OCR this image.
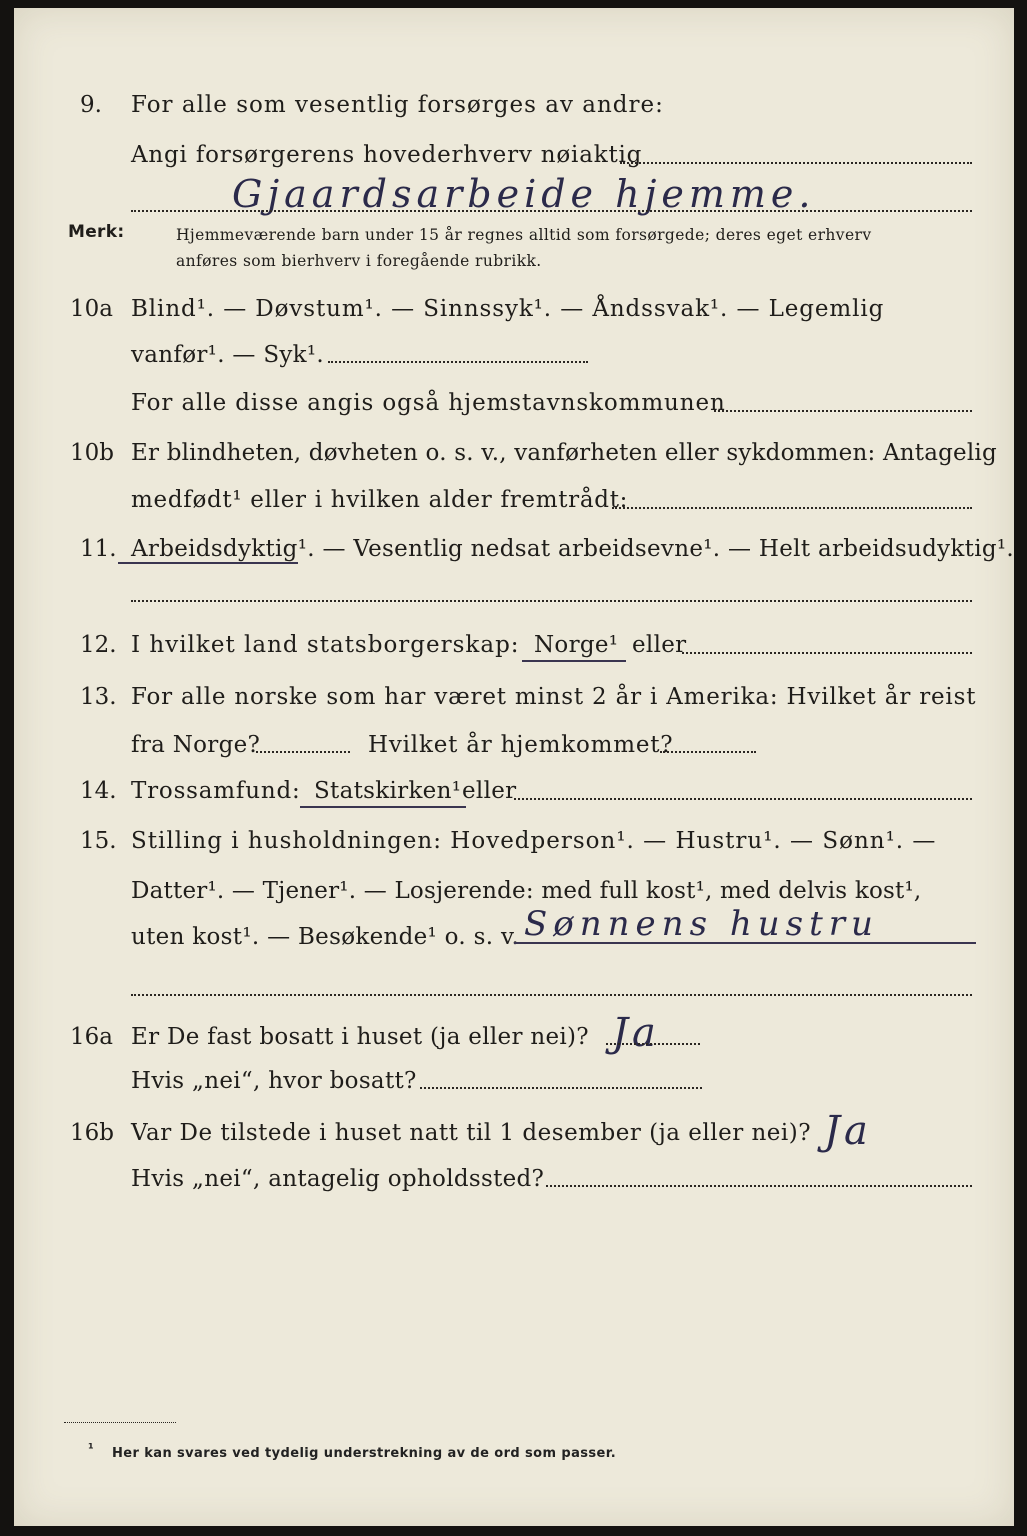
9. For alle som vesentlig forsørges av andre:
Angi forsørgerens hovederhverv nøiaktig
Gjaardsarbeide hjemme.
Merk:	Hjemmeværende barn under 15 år regnes alltid som forsørgede; deres eget erhverv
anføres som bierhverv i foregående rubrikk.
10a Blind¹. — Døvstum¹. — Sinnssyk¹. — Åndssvak¹. — Legemlig
vanfør¹. — Syk¹.
For alle disse angis også hjemstavnskommunen
10b Er blindheten, døvheten o. s. v., vanførheten eller sykdommen: Antagelig
medfødt¹ eller i hvilken alder fremtrådt:
11. Arbeidsdyktig¹. — Vesentlig nedsat arbeidsevne¹. — Helt arbeidsudyktig¹.
12. I hvilket land statsborgerskap: Norge¹ eller
13. For alle norske som har været minst 2 år i Amerika: Hvilket år reist
fra Norge?	Hvilket år hjemkommet?
14. Trossamfund: Statskirken¹ eller
15. Stilling i husholdningen: Hovedperson¹. — Hustru¹. — Sønn¹. —
Datter¹. — Tjener¹. — Losjerende: med full kost¹, med delvis kost¹,
uten kost¹. — Besøkende¹ o. s. v. Sønnens hustru
16a Er De fast bosatt i huset (ja eller nei)? Ja
Hvis „nei“, hvor bosatt?
16b Var De tilstede i huset natt til 1 desember (ja eller nei)? Ja
Hvis „nei“, antagelig opholdssted?
¹ Her kan svares ved tydelig understrekning av de ord som passer.
